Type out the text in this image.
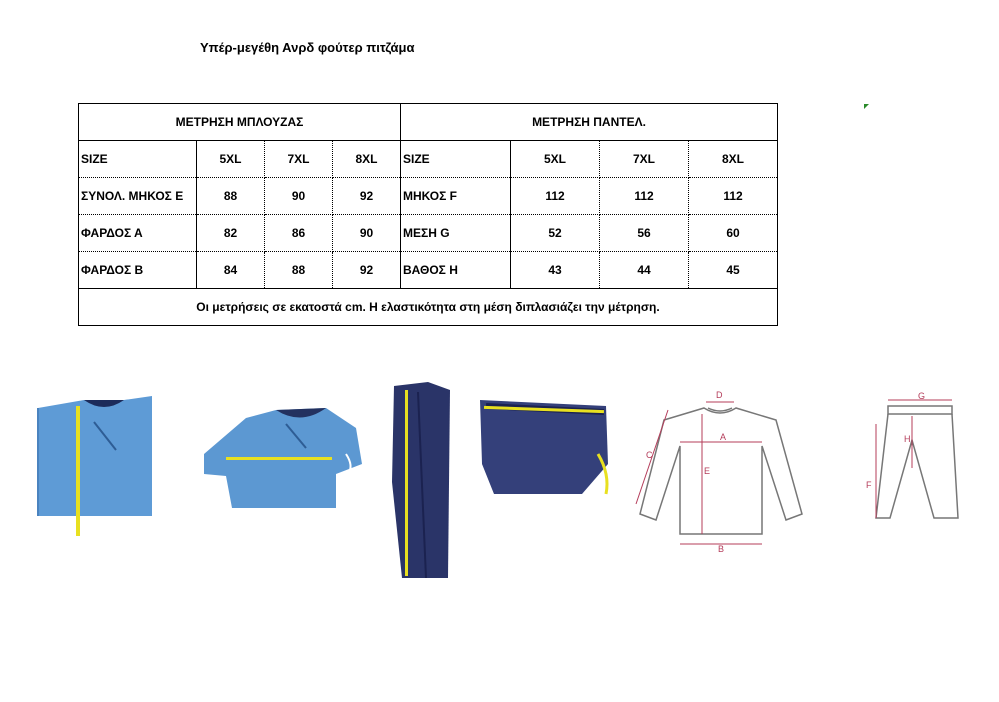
Υπέρ-μεγέθη Ανρδ φούτερ πιτζάμα
ΜΕΤΡΗΣΗ ΜΠΛΟΥΖΑΣ				ΜΕΤΡΗΣΗ ΠΑΝΤΕΛ.			
SIZE	5XL	7XL	8XL	SIZE	5XL	7XL	8XL
ΣΥΝΟΛ. ΜΗΚΟΣ Ε	88	90	92	ΜΗΚΟΣ F	112	112	112
ΦΑΡΔΟΣ Α	82	86	90	ΜΕΣΗ G	52	56	60
ΦΑΡΔΟΣ Β	84	88	92	ΒΑΘΟΣ Η	43	44	45
Οι μετρήσεις σε εκατοστά cm. Η ελαστικότητα στη μέση διπλασιάζει την μέτρηση.							
D
A
C
E
B
G
H
F
